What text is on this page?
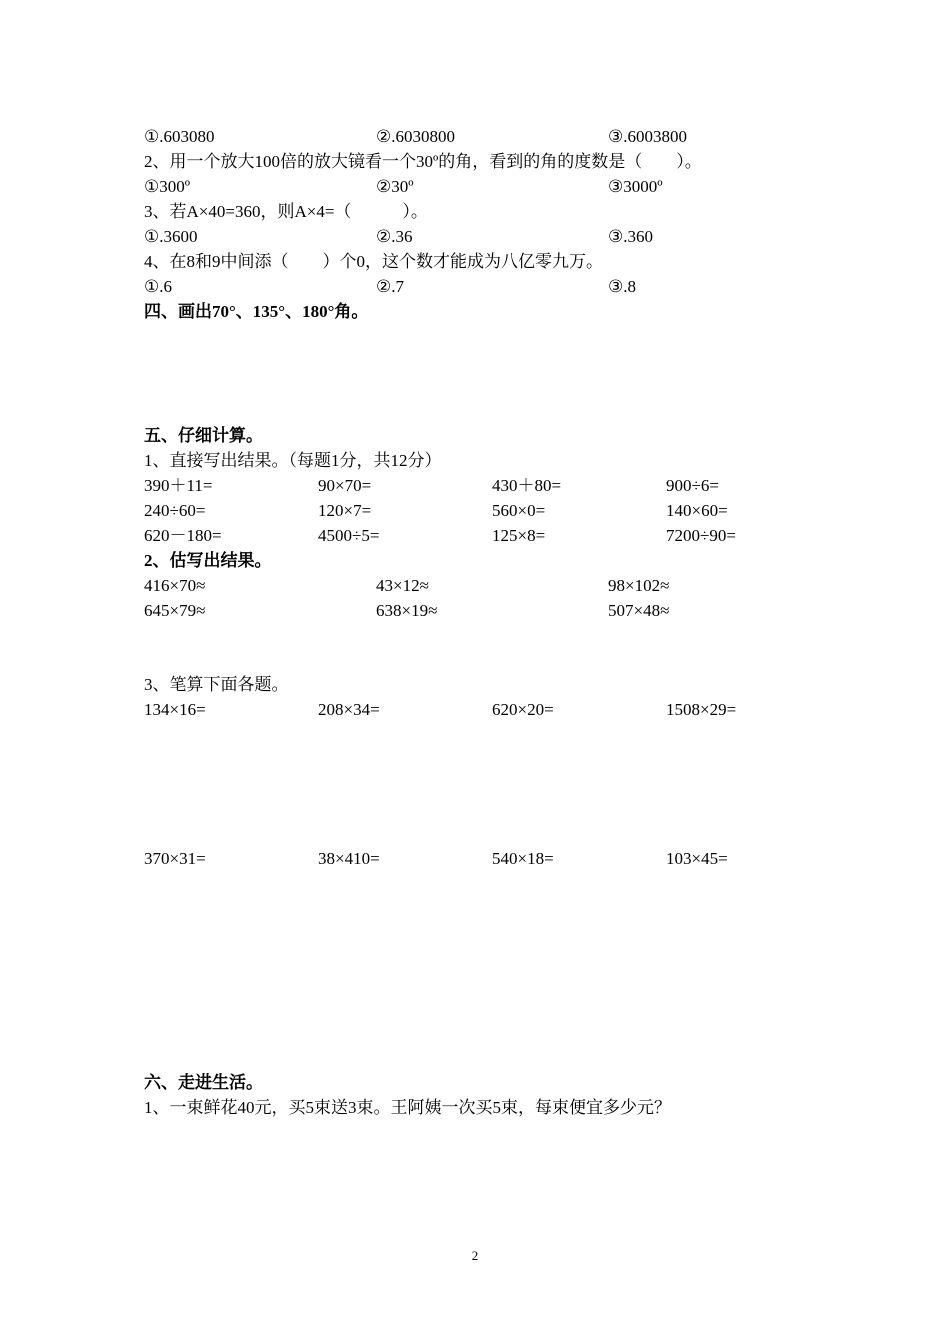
①.603080	②.6030800	③.6003800
2、用一个放大100倍的放大镜看一个30º的角，看到的角的度数是（　　）。
①300º	②30º	③3000º
3、若A×40=360，则A×4=（　　　）。
①.3600	②.36	③.360
4、在8和9中间添（　　）个0，这个数才能成为八亿零九万。
①.6	②.7	③.8
四、画出70°、135°、180°角。
五、仔细计算。
1、直接写出结果。（每题1分，共12分）
390＋11=	90×70=	430＋80=	900÷6=
240÷60=	120×7=	560×0=	140×60=
620－180=	4500÷5=	125×8=	7200÷90=
2、估写出结果。
416×70≈	43×12≈	98×102≈
645×79≈	638×19≈	507×48≈
3、笔算下面各题。
134×16=	208×34=	620×20=	1508×29=
370×31=	38×410=	540×18=	103×45=
六、走进生活。
1、一束鲜花40元，买5束送3束。王阿姨一次买5束，每束便宜多少元？
2
